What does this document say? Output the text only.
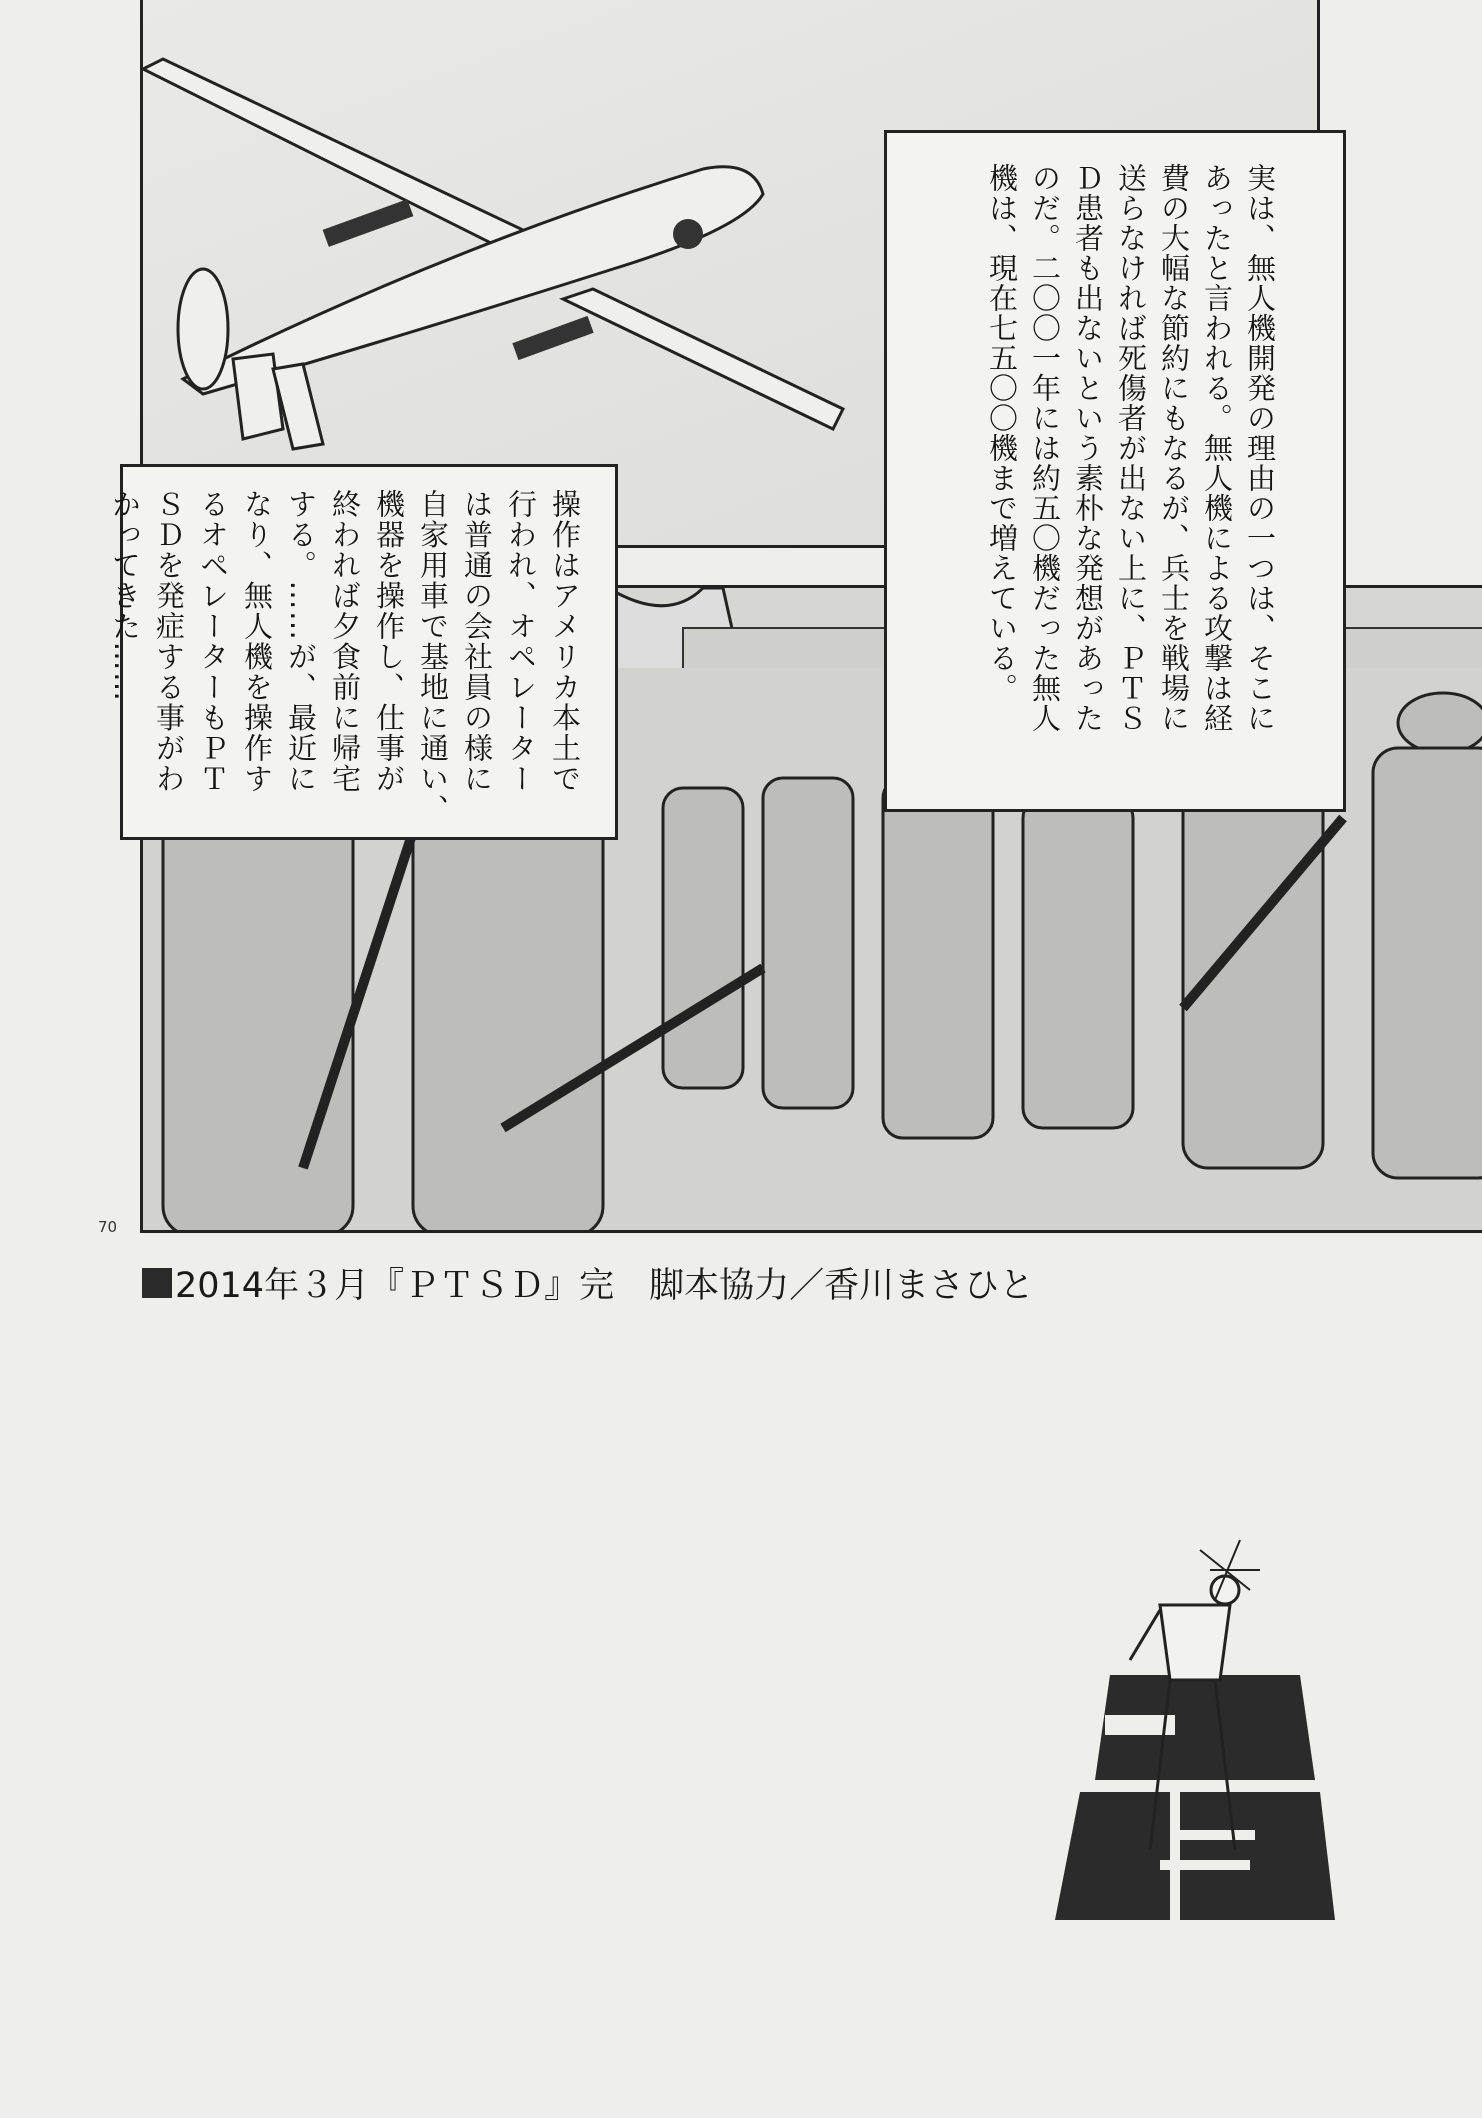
実は、無人機開発の理由の一つは、そこに
あったと言われる。無人機による攻撃は経
費の大幅な節約にもなるが、兵士を戦場に
送らなければ死傷者が出ない上に、ＰＴＳ
Ｄ患者も出ないという素朴な発想があった
のだ。二〇〇一年には約五〇機だった無人
機は、現在七五〇〇機まで増えている。
操作はアメリカ本土で
行われ、オペレーター
は普通の会社員の様に
自家用車で基地に通い、
機器を操作し、仕事が
終われば夕食前に帰宅
する。……が、最近に
なり、無人機を操作す
るオペレーターもＰＴ
ＳＤを発症する事がわ
かってきた……
70
2014年３月『ＰＴＳＤ』完　脚本協力／香川まさひと
